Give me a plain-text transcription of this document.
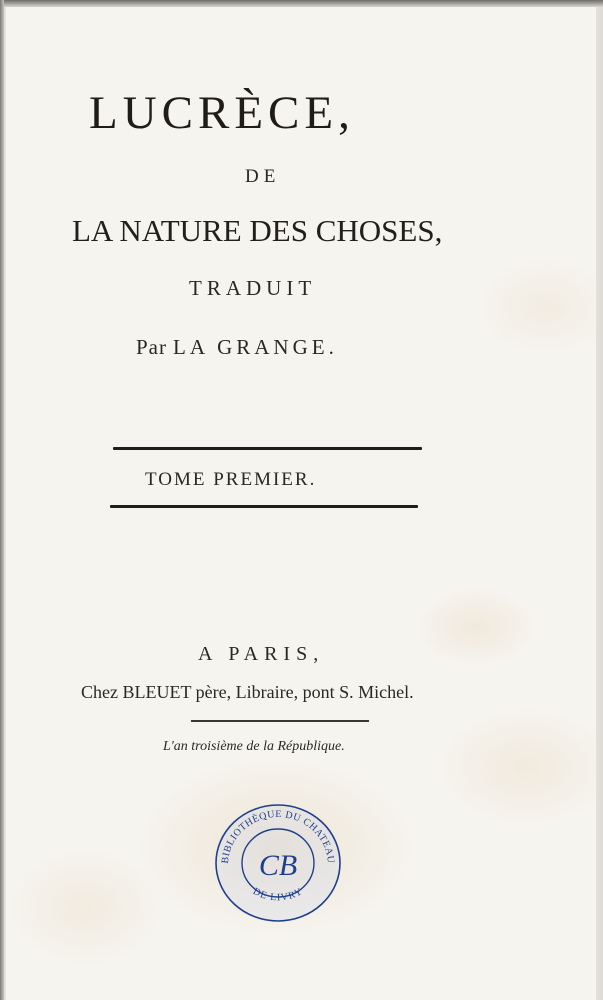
LUCRÈCE,
DE
LA NATURE DES CHOSES,
TRADUIT
Par LA GRANGE.
TOME PREMIER.
A PARIS,
Chez BLEUET père, Libraire, pont S. Michel.
L'an troisième de la République.
BIBLIOTHÈQUE DU CHATEAU
DE LIVRY
CB
